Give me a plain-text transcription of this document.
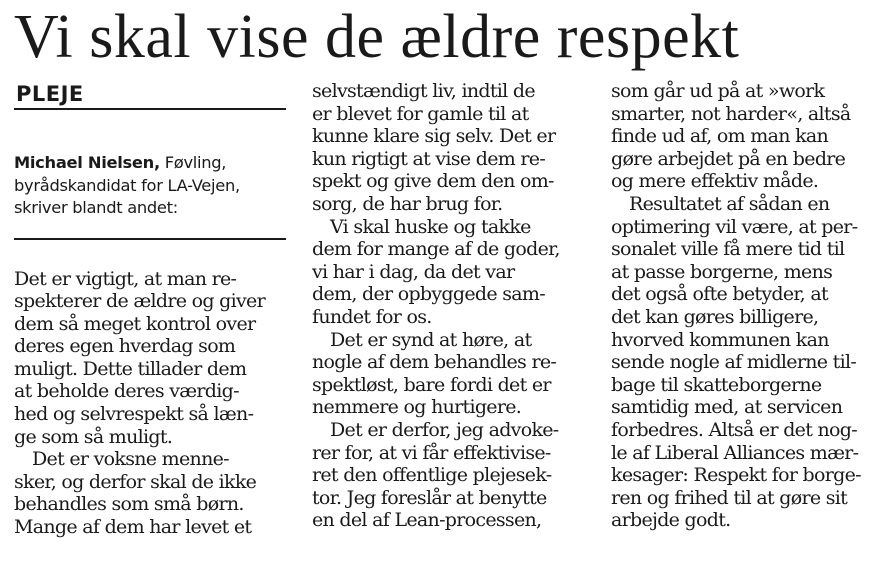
Vi skal vise de ældre respekt
PLEJE
Michael Nielsen, Føvling,
byrådskandidat for LA-Vejen,
skriver blandt andet:

Det er vigtigt, at man re-
spekterer de ældre og giver
dem så meget kontrol over
deres egen hverdag som
muligt. Dette tillader dem
at beholde deres værdig-
hed og selvrespekt så læn-
ge som så muligt.

Det er voksne menne-
sker, og derfor skal de ikke
behandles som små børn.
Mange af dem har levet et

selvstændigt liv, indtil de
er blevet for gamle til at
kunne klare sig selv. Det er
kun rigtigt at vise dem re-
spekt og give dem den om-
sorg, de har brug for.

Vi skal huske og takke
dem for mange af de goder,
vi har i dag, da det var
dem, der opbyggede sam-
fundet for os.

Det er synd at høre, at
nogle af dem behandles re-
spektløst, bare fordi det er
nemmere og hurtigere.

Det er derfor, jeg advoke-
rer for, at vi får effektivise-
ret den offentlige plejesek-
tor. Jeg foreslår at benytte
en del af Lean-processen,

som går ud på at »work
smarter, not harder«, altså
finde ud af, om man kan
gøre arbejdet på en bedre
og mere effektiv måde.

Resultatet af sådan en
optimering vil være, at per-
sonalet ville få mere tid til
at passe borgerne, mens
det også ofte betyder, at
det kan gøres billigere,
hvorved kommunen kan
sende nogle af midlerne til-
bage til skatteborgerne
samtidig med, at servicen
forbedres. Altså er det nog-
le af Liberal Alliances mær-
kesager: Respekt for borge-
ren og frihed til at gøre sit
arbejde godt.
